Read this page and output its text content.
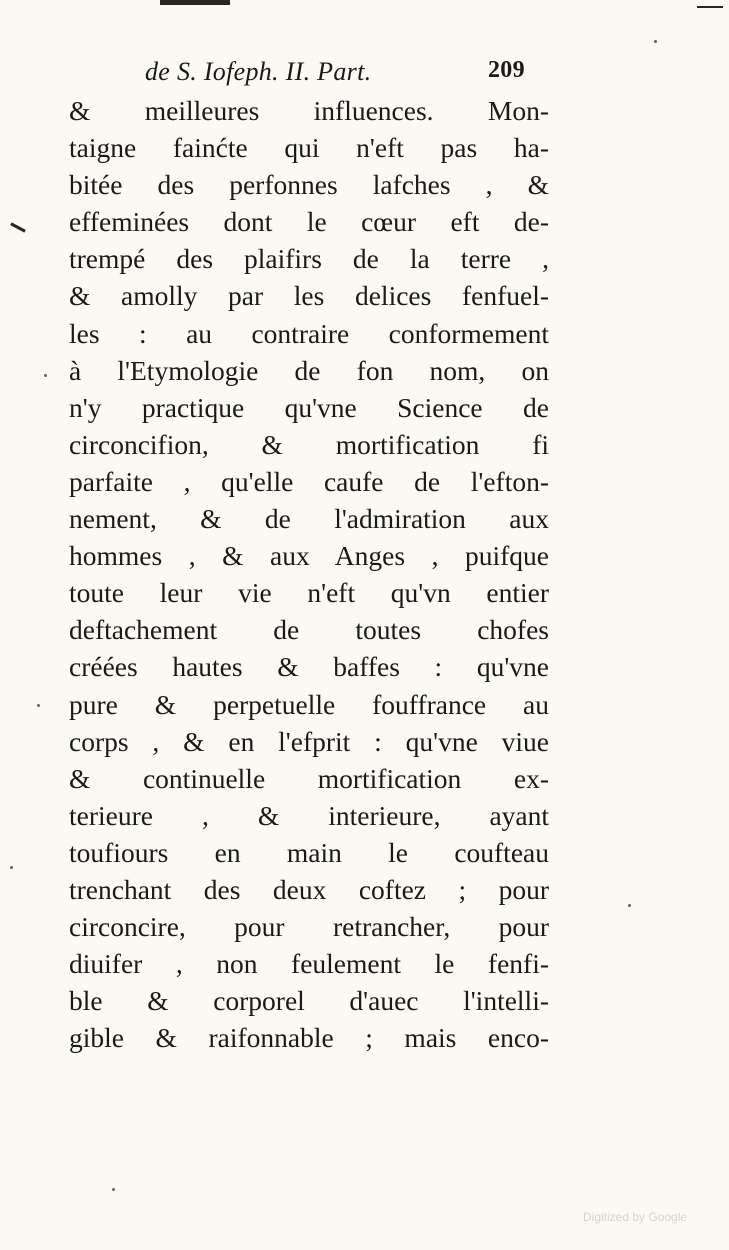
de S. Iofeph. II. Part.	209
& meilleures influences. Mon-
taigne fainćte qui n'eft pas ha-
bitée des perfonnes lafches , &
effeminées dont le cœur eft de-
trempé des plaifirs de la terre ,
& amolly par les delices fenfuel-
les : au contraire conformement
à l'Etymologie de fon nom, on
n'y practique qu'vne Science de
circoncifion, & mortification fi
parfaite , qu'elle caufe de l'efton-
nement, & de l'admiration aux
hommes , & aux Anges , puifque
toute leur vie n'eft qu'vn entier
deftachement de toutes chofes
créées hautes & baffes : qu'vne
pure & perpetuelle fouffrance au
corps , & en l'efprit : qu'vne viue
& continuelle mortification ex-
terieure , & interieure, ayant
toufiours en main le coufteau
trenchant des deux coftez ; pour
circoncire, pour retrancher, pour
diuifer , non feulement le fenfi-
ble & corporel d'auec l'intelli-
gible & raifonnable ; mais enco-
Digitized by Google
